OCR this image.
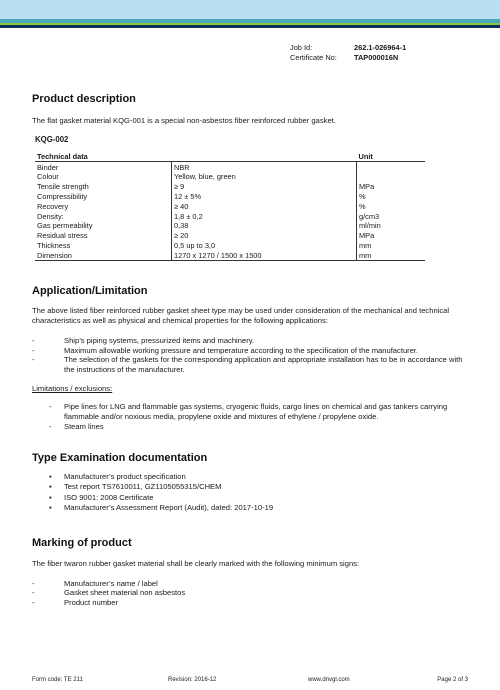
Job Id:	262.1-026964-1
Certificate No:	TAP000016N
Product description

The flat gasket material KQG-001 is a special non-asbestos fiber reinforced rubber gasket.

KQG-002

Technical data		Unit
Binder	NBR	
Colour	Yellow, blue, green	
Tensile strength	≥ 9	MPa
Compressibility	12 ± 5%	%
Recovery	≥ 40	%
Density:	1,8 ± 0,2	g/cm3
Gas permeability	0,38	ml/min
Residual stress	≥ 20	MPa
Thickness	0,5 up to 3,0	mm
Dimension	1270 x 1270 / 1500 x 1500	mm
Application/Limitation

The above listed fiber reinforced rubber gasket sheet type may be used under consideration of the mechanical and technical characteristics as well as physical and chemical properties for the following applications:

-	Ship’s piping systems, pressurized items and machinery.
-	Maximum allowable working pressure and temperature according to the specification of the manufacturer.
-	The selection of the gaskets for the corresponding application and appropriate installation has to be in accordance with the instructions of the manufacturer.

Limitations / exclusions:

- Pipe lines for LNG and flammable gas systems, cryogenic fluids, cargo lines on chemical and gas tankers carrying flammable and/or noxious media, propylene oxide and mixtures of ethylene / propylene oxide.
- Steam lines
Type Examination documentation
▪ Manufacturer’s product specification
▪ Test report TS7610011, GZ1105055315/CHEM
▪ ISO 9001: 2008 Certificate
▪ Manufacturer’s Assessment Report (Audit), dated: 2017-10-19
Marking of product

The fiber twaron rubber gasket material shall be clearly marked with the following minimum signs:

-	Manufacturer’s name / label
-	Gasket sheet material non asbestos
-	Product number
Form code: TE 211	Revision: 2016-12	www.dnvgl.com	Page 2 of 3
